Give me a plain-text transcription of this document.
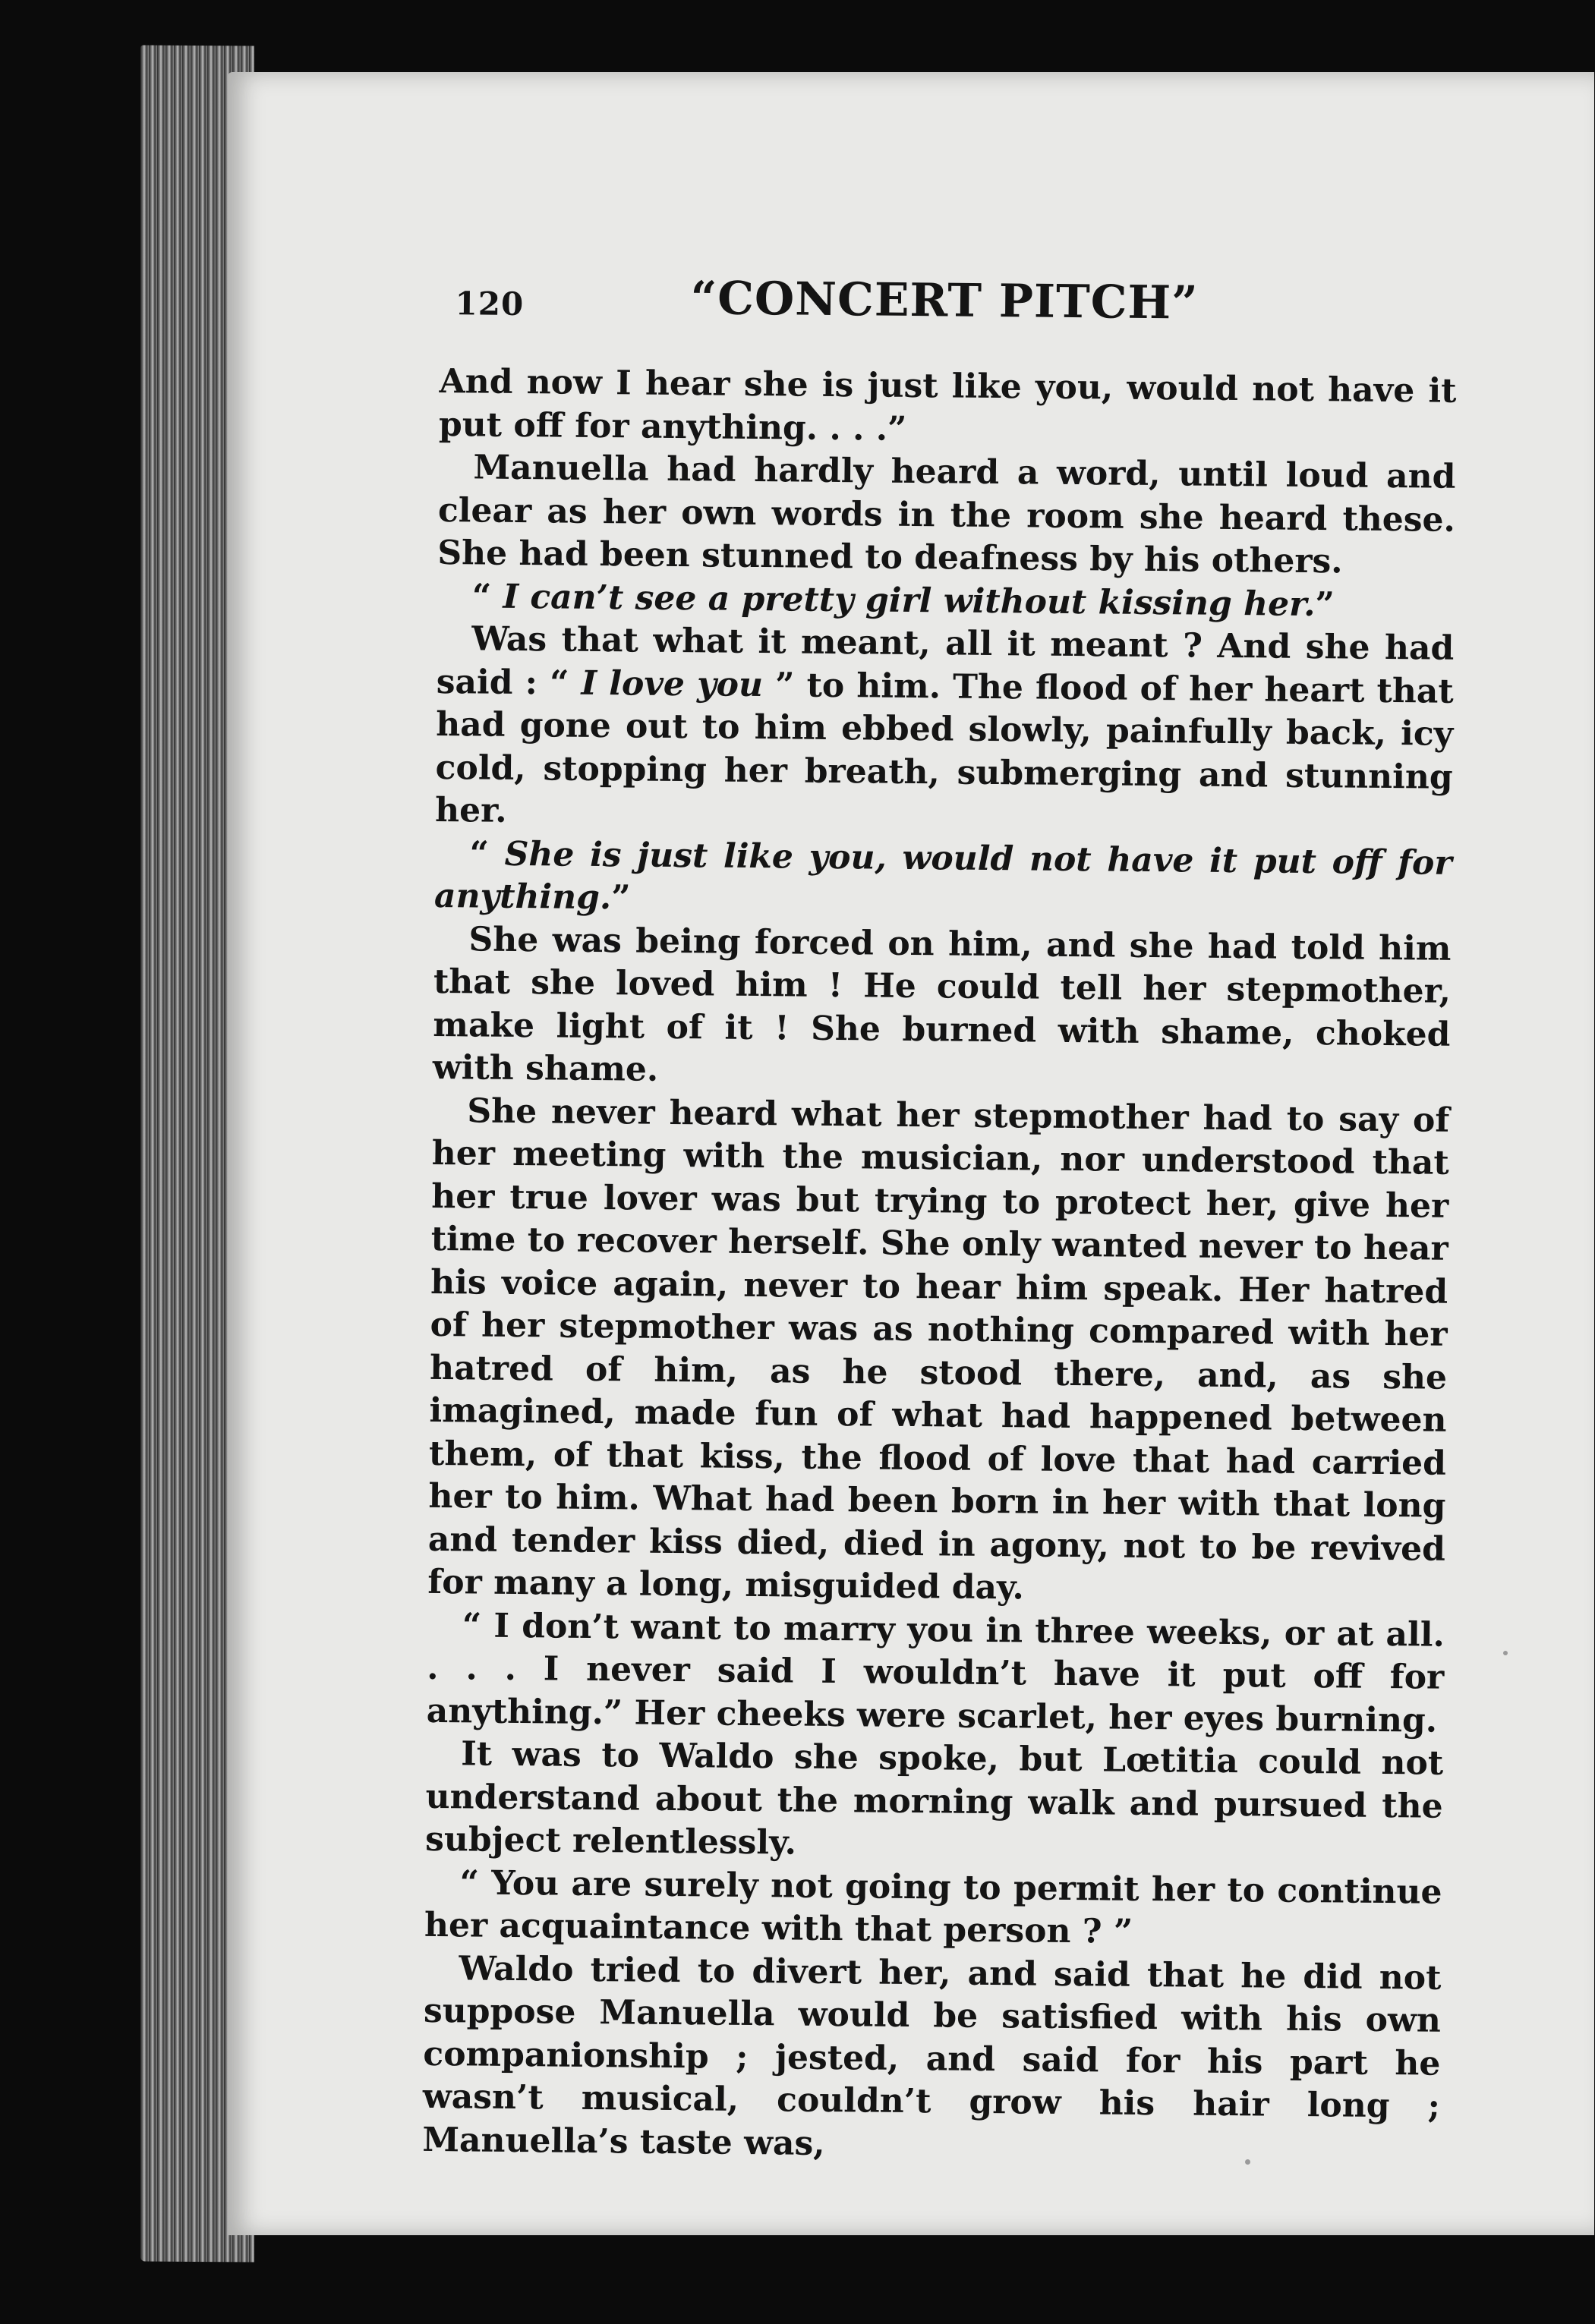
120	“CONCERT PITCH”

And now I hear she is just like you, would not have it put off for anything. . . .”

Manuella had hardly heard a word, until loud and clear as her own words in the room she heard these. She had been stunned to deafness by his others.

“ I can’t see a pretty girl without kissing her.”

Was that what it meant, all it meant ? And she had said : “ I love you ” to him. The flood of her heart that had gone out to him ebbed slowly, painfully back, icy cold, stopping her breath, submerging and stunning her.

“ She is just like you, would not have it put off for anything.”

She was being forced on him, and she had told him that she loved him ! He could tell her stepmother, make light of it ! She burned with shame, choked with shame.

She never heard what her stepmother had to say of her meeting with the musician, nor understood that her true lover was but trying to protect her, give her time to recover herself. She only wanted never to hear his voice again, never to hear him speak. Her hatred of her stepmother was as nothing compared with her hatred of him, as he stood there, and, as she imagined, made fun of what had happened between them, of that kiss, the flood of love that had carried her to him. What had been born in her with that long and tender kiss died, died in agony, not to be revived for many a long, misguided day.

“ I don’t want to marry you in three weeks, or at all. . . . I never said I wouldn’t have it put off for anything.” Her cheeks were scarlet, her eyes burning.

It was to Waldo she spoke, but Lœtitia could not understand about the morning walk and pursued the subject relentlessly.

“ You are surely not going to permit her to continue her acquaintance with that person ? ”

Waldo tried to divert her, and said that he did not suppose Manuella would be satisfied with his own companionship ; jested, and said for his part he wasn’t musical, couldn’t grow his hair long ; Manuella’s taste was,
